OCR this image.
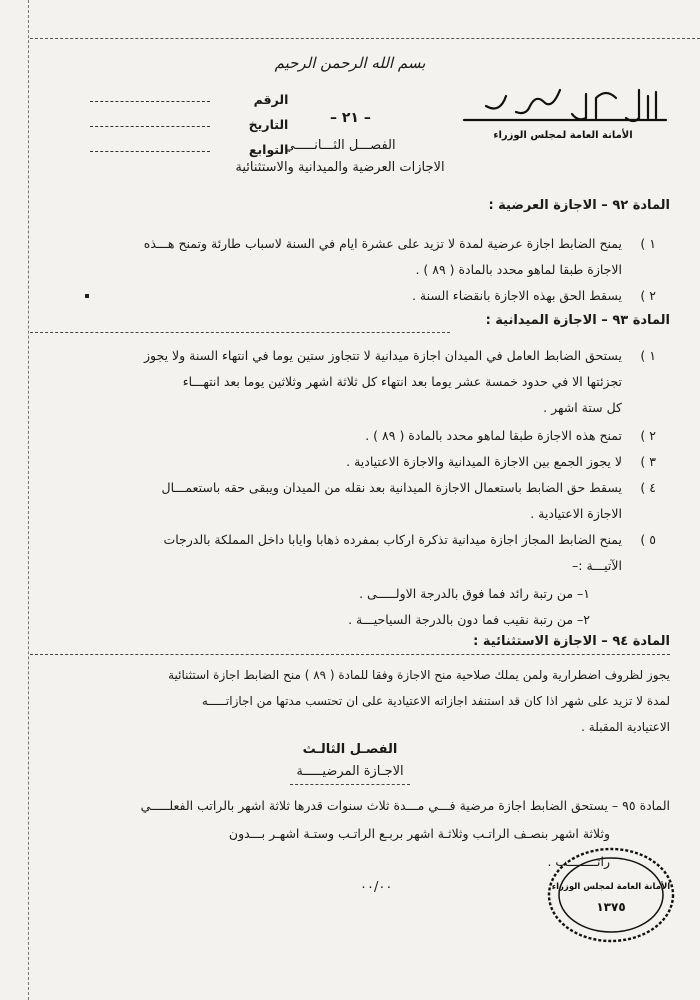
بسم الله الرحمن الرحيم
الأمانة العامة لمجلس الوزراء
الرقم
التاريخ
التوابع
– ٢١ –
الفصـــل الثـــانـــــي
الاجازات العرضية والميدانية والاستثنائية
المادة ٩٢ – الاجازة العرضية :
١ )
يمنح الضابط اجازة عرضية لمدة لا تزيد على عشرة ايام في السنة لاسباب طارئة وتمنح هـــذه
الاجازة طبقا لماهو محدد بالمادة ( ٨٩ ) .
٢ )
يسقط الحق بهذه الاجازة بانقضاء السنة .
المادة ٩٣ – الاجازة الميدانية :
١ )
يستحق الضابط العامل في الميدان اجازة ميدانية لا تتجاوز ستين يوما في انتهاء السنة ولا يجوز
تجزئتها الا في حدود خمسة عشر يوما بعد انتهاء كل ثلاثة اشهر وثلاثين يوما بعد انتهـــاء
كل ستة اشهر .
٢ )
تمنح هذه الاجازة طبقا لماهو محدد بالمادة ( ٨٩ ) .
٣ )
لا يجوز الجمع بين الاجازة الميدانية والاجازة الاعتيادية .
٤ )
يسقط حق الضابط باستعمال الاجازة الميدانية بعد نقله من الميدان ويبقى حقه باستعمـــال
الاجازة الاعتيادية .
٥ )
يمنح الضابط المجاز اجازة ميدانية تذكرة اركاب بمفرده ذهابا وايابا داخل المملكة بالدرجات
الآتيـــة :–
١– من رتبة رائد فما فوق بالدرجة الاولـــــى .
٢– من رتبة نقيب فما دون بالدرجة السياحيـــة .
المادة ٩٤ – الاجازة الاستثنائية :
يجوز لظروف اضطرارية ولمن يملك صلاحية منح الاجازة وفقا للمادة ( ٨٩ ) منح الضابط اجازة استثنائية
لمدة لا تزيد على شهر اذا كان قد استنفد اجازاته الاعتيادية على ان تحتسب مدتها من اجازاتـــــه
الاعتيادية المقبلة .
الفصـل الثالـث
الاجـازة المرضيـــــة
المادة ٩٥ – يستحق الضابط اجازة مرضية فـــي مـــدة ثلاث سنوات قدرها ثلاثة اشهر بالراتب الفعلـــــي
وثلاثة اشهر بنصـف الراتـب وثلاثـة اشهر بربـع الراتـب وستـة اشهـر بـــدون
راتــــــــب .
٠٠/٠٠	الأمانة العامة لمجلس الوزراء
١٣٧٥
